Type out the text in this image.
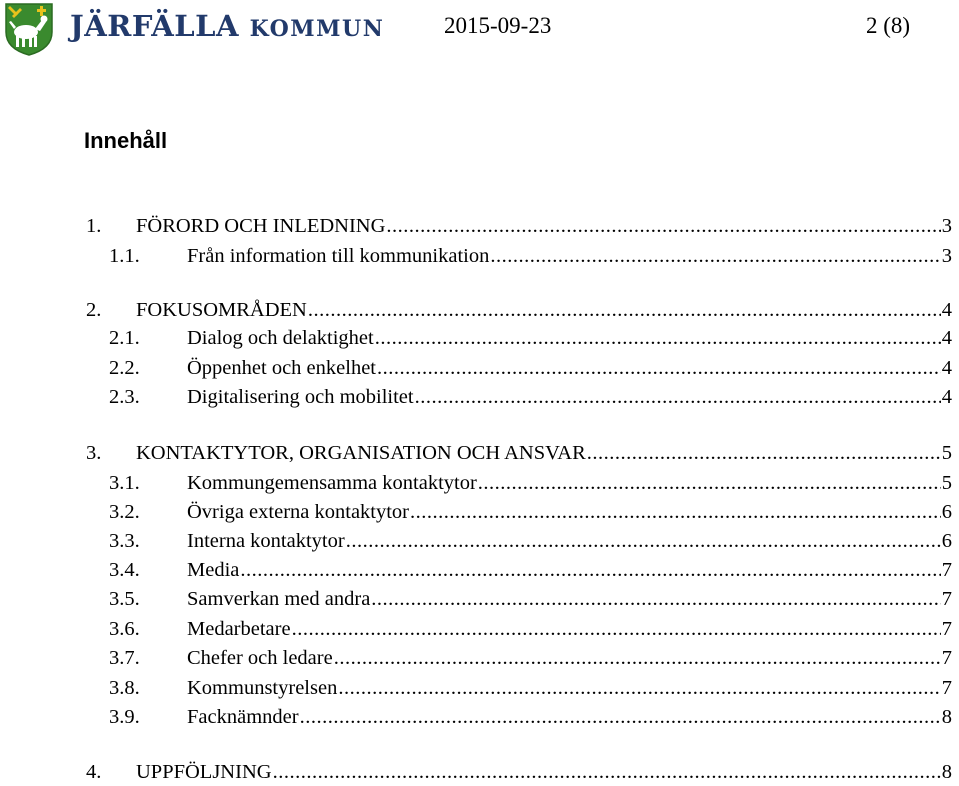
JÄRFÄLLA KOMMUN	2015-09-23	2 (8)
Innehåll
1. FÖRORD OCH INLEDNING .....	3
1.1. Från information till kommunikation .....	3
2. FOKUSOMRÅDEN .....	4
2.1. Dialog och delaktighet .....	4
2.2. Öppenhet och enkelhet .....	4
2.3. Digitalisering och mobilitet .....	4
3. KONTAKTYTOR, ORGANISATION OCH ANSVAR .....	5
3.1. Kommungemensamma kontaktytor .....	5
3.2. Övriga externa kontaktytor .....	6
3.3. Interna kontaktytor .....	6
3.4. Media .....	7
3.5. Samverkan med andra .....	7
3.6. Medarbetare .....	7
3.7. Chefer och ledare .....	7
3.8. Kommunstyrelsen .....	7
3.9. Facknämnder .....	8
4. UPPFÖLJNING .....	8
